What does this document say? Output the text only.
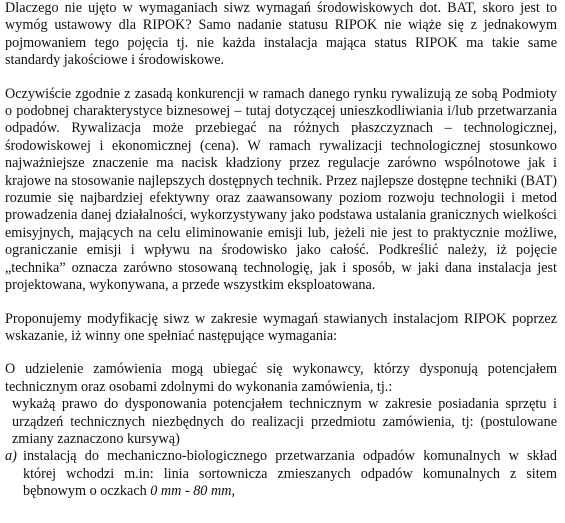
Dlaczego nie ujęto w wymaganiach siwz wymagań środowiskowych dot. BAT, skoro jest to wymóg ustawowy dla RIPOK? Samo nadanie statusu RIPOK nie wiąże się z jednakowym pojmowaniem tego pojęcia tj. nie każda instalacja mająca status RIPOK ma takie same standardy jakościowe i środowiskowe.

Oczywiście zgodnie z zasadą konkurencji w ramach danego rynku rywalizują ze sobą Podmioty o podobnej charakterystyce biznesowej – tutaj dotyczącej unieszkodliwiania i/lub przetwarzania odpadów. Rywalizacja może przebiegać na różnych płaszczyznach – technologicznej, środowiskowej i ekonomicznej (cena). W ramach rywalizacji technologicznej stosunkowo najważniejsze znaczenie ma nacisk kładziony przez regulacje zarówno wspólnotowe jak i krajowe na stosowanie najlepszych dostępnych technik. Przez najlepsze dostępne techniki (BAT) rozumie się najbardziej efektywny oraz zaawansowany poziom rozwoju technologii i metod prowadzenia danej działalności, wykorzystywany jako podstawa ustalania granicznych wielkości emisyjnych, mających na celu eliminowanie emisji lub, jeżeli nie jest to praktycznie możliwe, ograniczanie emisji i wpływu na środowisko jako całość. Podkreślić należy, iż pojęcie „technika” oznacza zarówno stosowaną technologię, jak i sposób, w jaki dana instalacja jest projektowana, wykonywana, a przede wszystkim eksploatowana.

Proponujemy modyfikację siwz w zakresie wymagań stawianych instalacjom RIPOK poprzez wskazanie, iż winny one spełniać następujące wymagania:

O udzielenie zamówienia mogą ubiegać się wykonawcy, którzy dysponują potencjałem technicznym oraz osobami zdolnymi do wykonania zamówienia, tj.:

wykażą prawo do dysponowania potencjałem technicznym w zakresie posiadania sprzętu i urządzeń technicznych niezbędnych do realizacji przedmiotu zamówienia, tj: (postulowane zmiany zaznaczono kursywą)

a) instalacją do mechaniczno-biologicznego przetwarzania odpadów komunalnych w skład której wchodzi m.in: linia sortownicza zmieszanych odpadów komunalnych z sitem bębnowym o oczkach 0 mm - 80 mm,
